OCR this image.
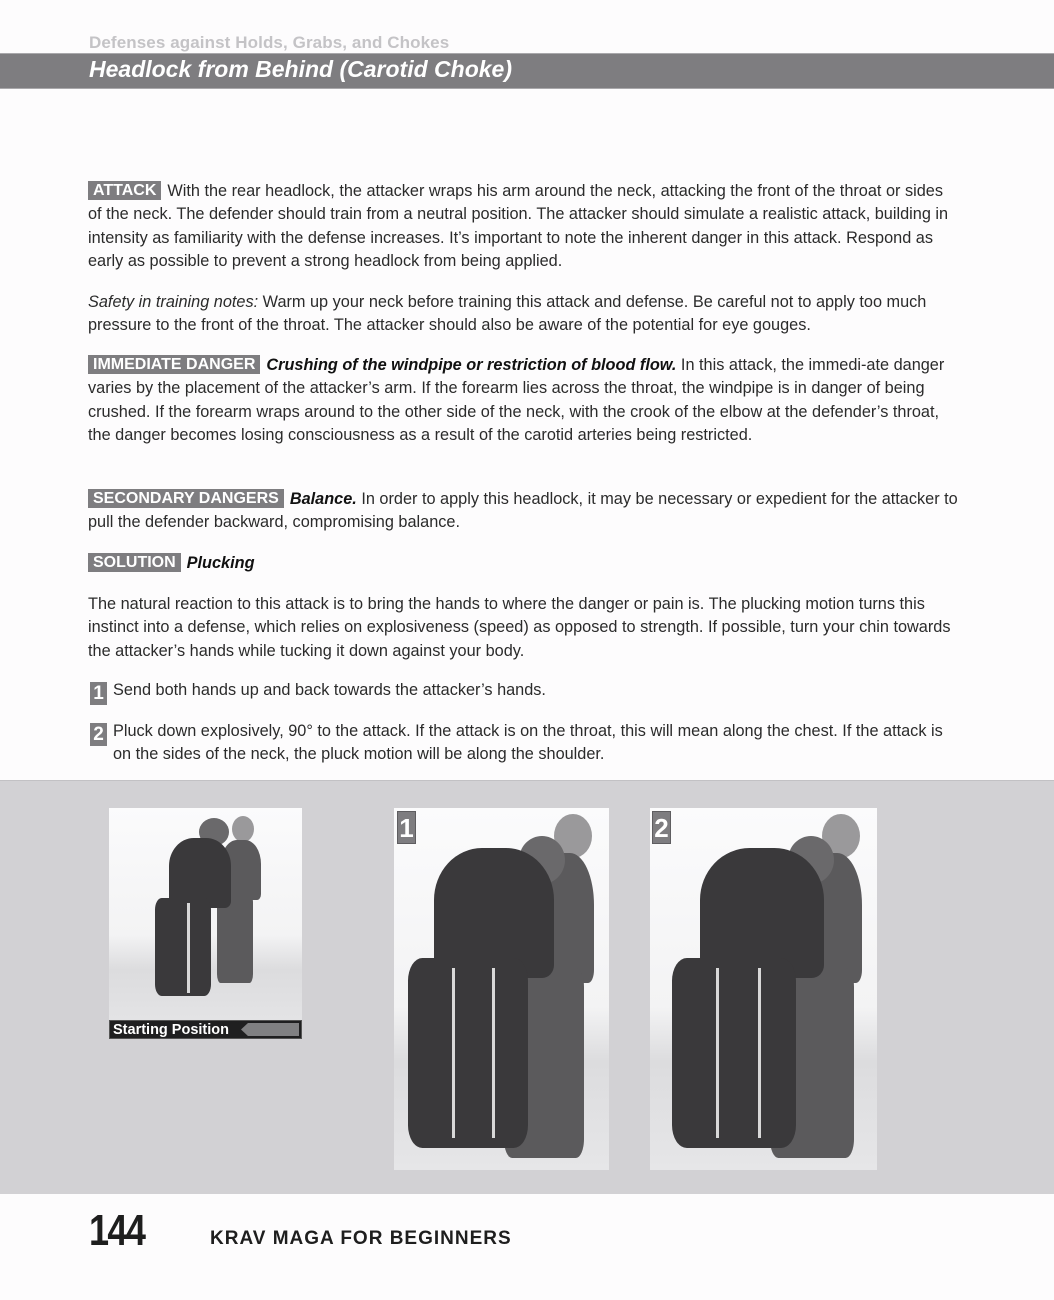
Defenses against Holds, Grabs, and Chokes
Headlock from Behind (Carotid Choke)
ATTACK With the rear headlock, the attacker wraps his arm around the neck, attacking the front of the throat or sides of the neck. The defender should train from a neutral position. The attacker should simulate a realistic attack, building in intensity as familiarity with the defense increases. It’s important to note the inherent danger in this attack. Respond as early as possible to prevent a strong headlock from being applied.
Safety in training notes: Warm up your neck before training this attack and defense. Be careful not to apply too much pressure to the front of the throat. The attacker should also be aware of the potential for eye gouges.
IMMEDIATE DANGER Crushing of the windpipe or restriction of blood flow. In this attack, the immedi-ate danger varies by the placement of the attacker’s arm. If the forearm lies across the throat, the windpipe is in danger of being crushed. If the forearm wraps around to the other side of the neck, with the crook of the elbow at the defender’s throat, the danger becomes losing consciousness as a result of the carotid arteries being restricted.
SECONDARY DANGERS Balance. In order to apply this headlock, it may be necessary or expedient for the attacker to pull the defender backward, compromising balance.
SOLUTION Plucking
The natural reaction to this attack is to bring the hands to where the danger or pain is. The plucking motion turns this instinct into a defense, which relies on explosiveness (speed) as opposed to strength. If possible, turn your chin towards the attacker’s hands while tucking it down against your body.
1 Send both hands up and back towards the attacker’s hands.
2 Pluck down explosively, 90° to the attack. If the attack is on the throat, this will mean along the chest. If the attack is on the sides of the neck, the pluck motion will be along the shoulder.
Starting Position
1	2
144	KRAV MAGA FOR BEGINNERS
